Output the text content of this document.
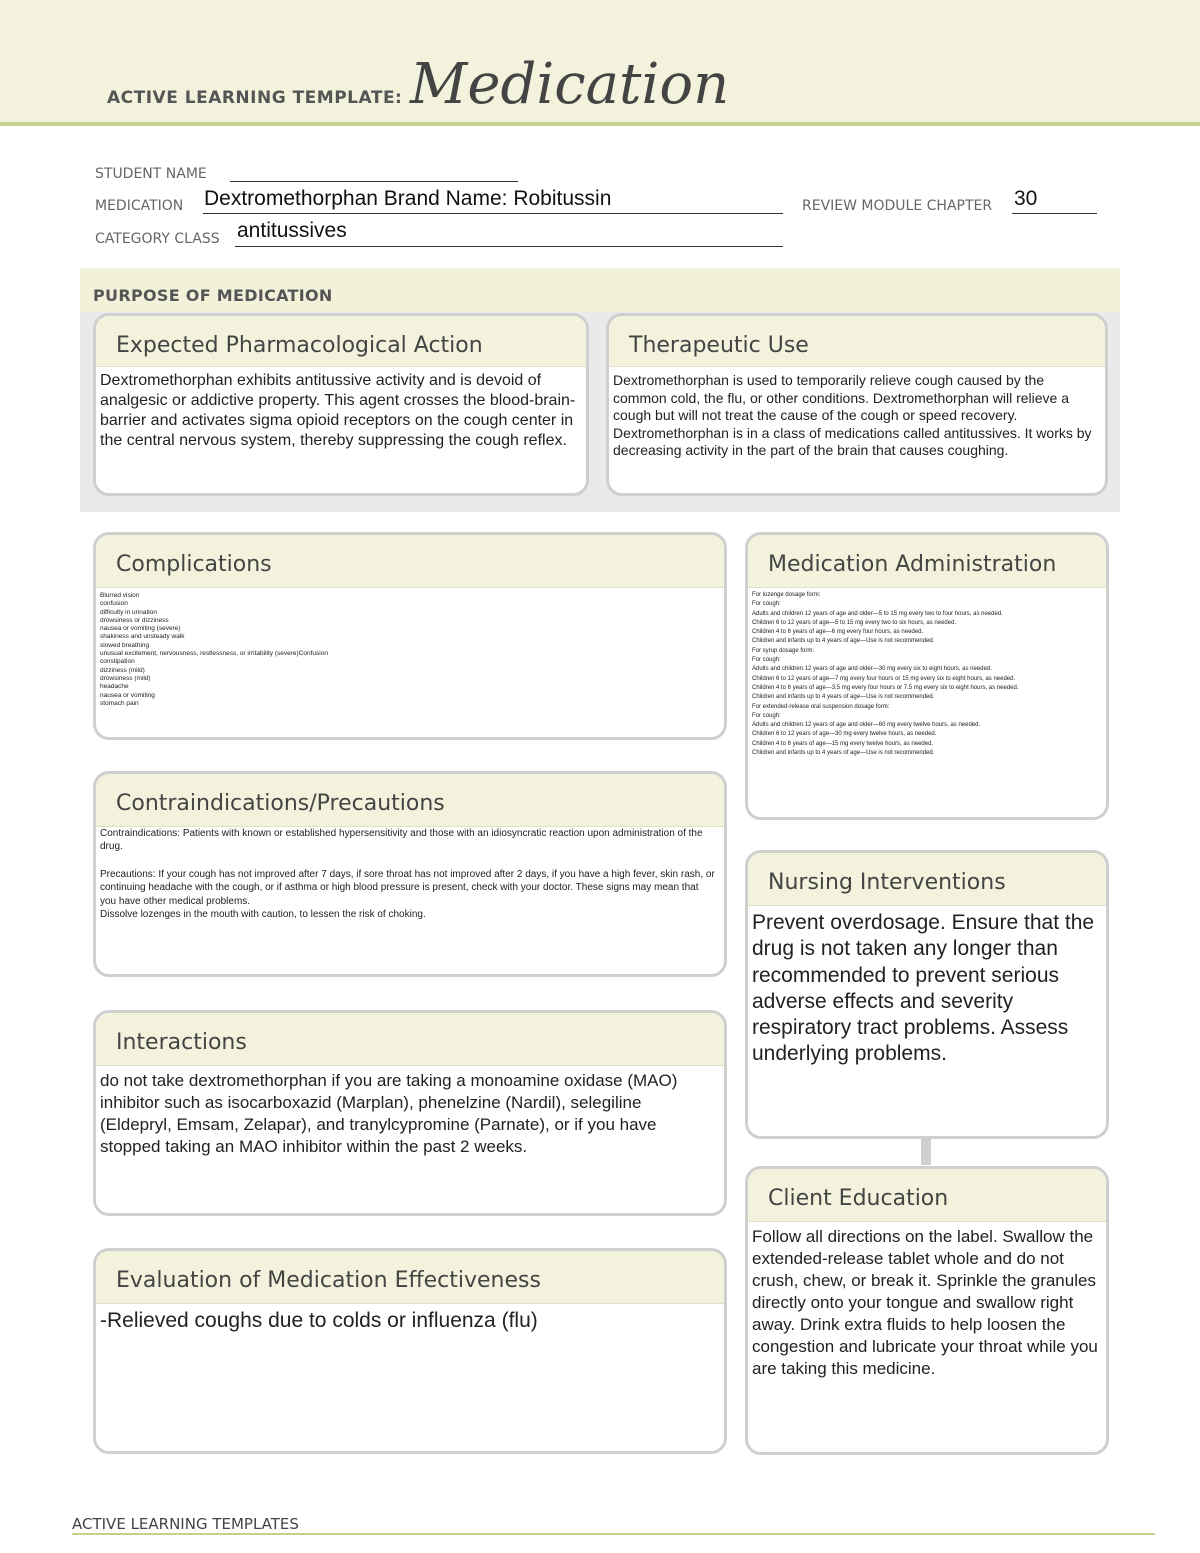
ACTIVE LEARNING TEMPLATE: Medication
STUDENT NAME
MEDICATION Dextromethorphan Brand Name: Robitussin	REVIEW MODULE CHAPTER 30
CATEGORY CLASS antitussives
PURPOSE OF MEDICATION
Expected Pharmacological Action
Dextromethorphan exhibits antitussive activity and is devoid of analgesic or addictive property. This agent crosses the blood-brain-barrier and activates sigma opioid receptors on the cough center in the central nervous system, thereby suppressing the cough reflex.
Therapeutic Use
Dextromethorphan is used to temporarily relieve cough caused by the common cold, the flu, or other conditions. Dextromethorphan will relieve a cough but will not treat the cause of the cough or speed recovery. Dextromethorphan is in a class of medications called antitussives. It works by decreasing activity in the part of the brain that causes coughing.
Complications
Blurred vision
confusion
difficulty in urination
drowsiness or dizziness
nausea or vomiting (severe)
shakiness and unsteady walk
slowed breathing
unusual excitement, nervousness, restlessness, or irritability (severe)Confusion
constipation
dizziness (mild)
drowsiness (mild)
headache
nausea or vomiting
stomach pain
Medication Administration
For lozenge dosage form:
For cough:
Adults and children 12 years of age and older—5 to 15 mg every two to four hours, as needed.
Children 6 to 12 years of age—5 to 15 mg every two to six hours, as needed.
Children 4 to 6 years of age—6 mg every four hours, as needed.
Children and infants up to 4 years of age—Use is not recommended.
For syrup dosage form:
For cough:
Adults and children 12 years of age and older—30 mg every six to eight hours, as needed.
Children 6 to 12 years of age—7 mg every four hours or 15 mg every six to eight hours, as needed.
Children 4 to 6 years of age—3.5 mg every four hours or 7.5 mg every six to eight hours, as needed.
Children and infants up to 4 years of age—Use is not recommended.
For extended-release oral suspension dosage form:
For cough:
Adults and children 12 years of age and older—60 mg every twelve hours, as needed.
Children 6 to 12 years of age—30 mg every twelve hours, as needed.
Children 4 to 6 years of age—15 mg every twelve hours, as needed.
Children and infants up to 4 years of age—Use is not recommended.
Contraindications/Precautions
Contraindications: Patients with known or established hypersensitivity and those with an idiosyncratic reaction upon administration of the drug.
Precautions: If your cough has not improved after 7 days, if sore throat has not improved after 2 days, if you have a high fever, skin rash, or continuing headache with the cough, or if asthma or high blood pressure is present, check with your doctor. These signs may mean that you have other medical problems.
Dissolve lozenges in the mouth with caution, to lessen the risk of choking.
Nursing Interventions
Prevent overdosage. Ensure that the drug is not taken any longer than recommended to prevent serious adverse effects and severity respiratory tract problems. Assess underlying problems.
Interactions
do not take dextromethorphan if you are taking a monoamine oxidase (MAO) inhibitor such as isocarboxazid (Marplan), phenelzine (Nardil), selegiline (Eldepryl, Emsam, Zelapar), and tranylcypromine (Parnate), or if you have stopped taking an MAO inhibitor within the past 2 weeks.
Client Education
Follow all directions on the label. Swallow the extended-release tablet whole and do not crush, chew, or break it. Sprinkle the granules directly onto your tongue and swallow right away. Drink extra fluids to help loosen the congestion and lubricate your throat while you are taking this medicine.
Evaluation of Medication Effectiveness
-Relieved coughs due to colds or influenza (flu)
ACTIVE LEARNING TEMPLATES
